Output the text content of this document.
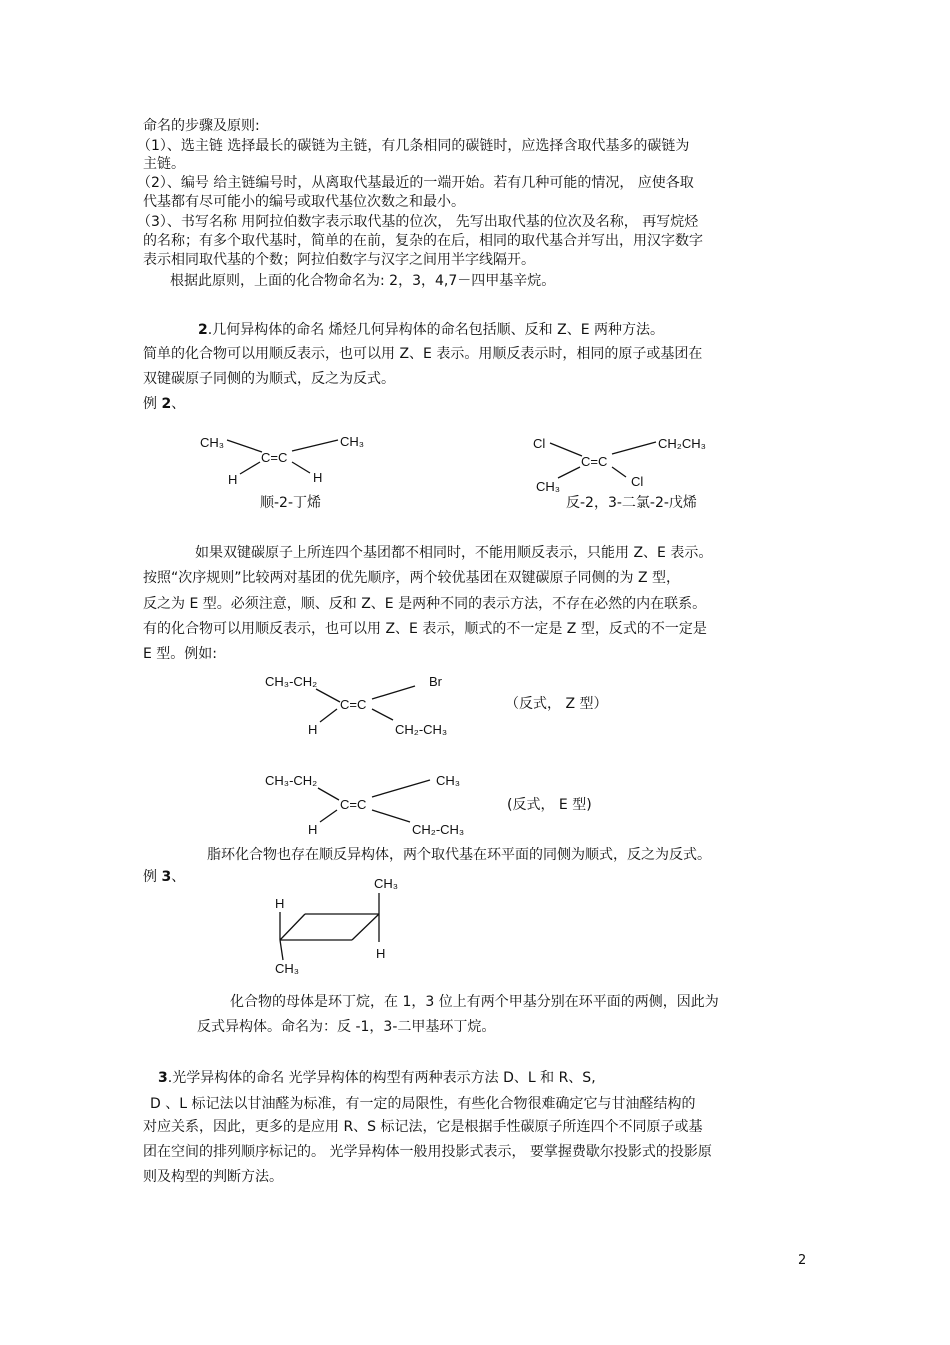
命名的步骤及原则:
（1）、选主链 选择最长的碳链为主链，有几条相同的碳链时，应选择含取代基多的碳链为
主链。
（2）、编号 给主链编号时，从离取代基最近的一端开始。若有几种可能的情况， 应使各取
代基都有尽可能小的编号或取代基位次数之和最小。
（3）、书写名称 用阿拉伯数字表示取代基的位次， 先写出取代基的位次及名称， 再写烷烃
的名称；有多个取代基时，简单的在前，复杂的在后，相同的取代基合并写出，用汉字数字
表示相同取代基的个数；阿拉伯数字与汉字之间用半字线隔开。
根据此原则，上面的化合物命名为: 2，3，4,7－四甲基辛烷。
2.几何异构体的命名 烯烃几何异构体的命名包括顺、反和 Z、E 两种方法。
简单的化合物可以用顺反表示，也可以用 Z、E 表示。用顺反表示时，相同的原子或基团在
双键碳原子同侧的为顺式，反之为反式。
例 2、
CH₃	CH₃
C=C
H	H
顺-2-丁烯
Cl	CH₂CH₃
C=C
CH₃	Cl
反-2，3-二氯-2-戊烯
如果双键碳原子上所连四个基团都不相同时，不能用顺反表示，只能用 Z、E 表示。
按照“次序规则”比较两对基团的优先顺序，两个较优基团在双键碳原子同侧的为 Z 型，
反之为 E 型。必须注意，顺、反和 Z、E 是两种不同的表示方法，不存在必然的内在联系。
有的化合物可以用顺反表示，也可以用 Z、E 表示，顺式的不一定是 Z 型，反式的不一定是
E 型。例如:
CH₃-CH₂	Br
C=C
H	CH₂-CH₃
（反式， Z 型）
CH₃-CH₂	CH₃
C=C
H	CH₂-CH₃
(反式， E 型)
脂环化合物也存在顺反异构体，两个取代基在环平面的同侧为顺式，反之为反式。
例 3、
H
CH₃
CH₃
H
化合物的母体是环丁烷，在 1，3 位上有两个甲基分别在环平面的两侧，因此为
反式异构体。命名为：反 -1，3-二甲基环丁烷。
3.光学异构体的命名 光学异构体的构型有两种表示方法 D、L 和 R、S,
D 、L 标记法以甘油醛为标准，有一定的局限性，有些化合物很难确定它与甘油醛结构的
对应关系，因此，更多的是应用 R、S 标记法，它是根据手性碳原子所连四个不同原子或基
团在空间的排列顺序标记的。 光学异构体一般用投影式表示， 要掌握费歇尔投影式的投影原
则及构型的判断方法。
2
